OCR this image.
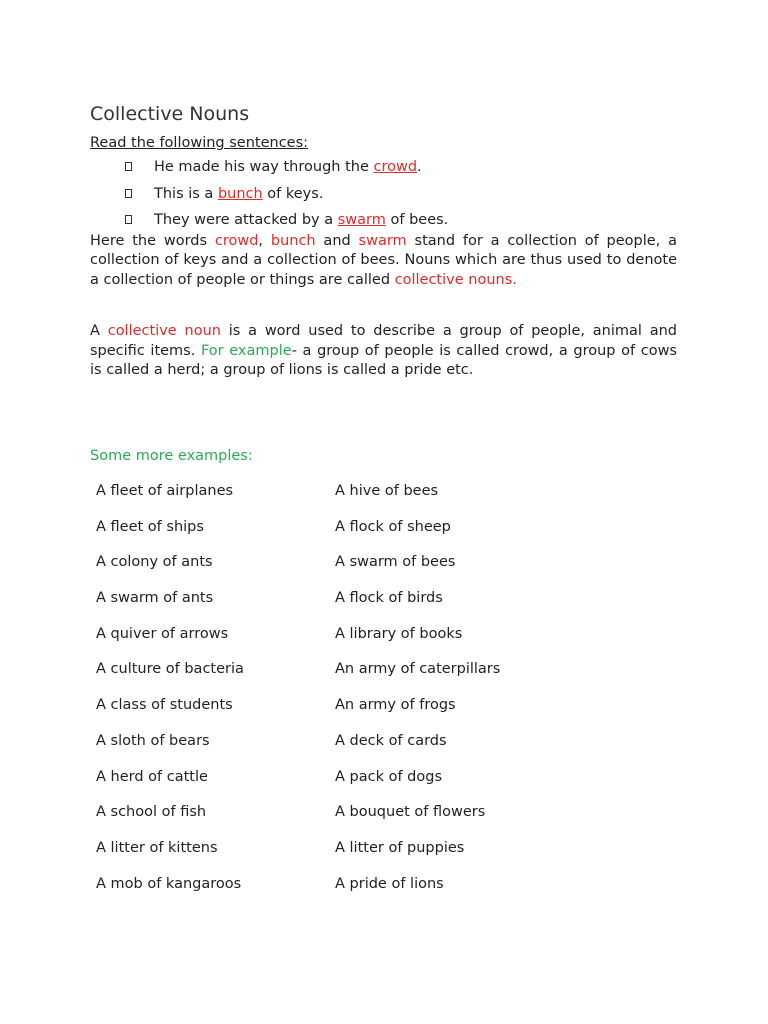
Collective Nouns

Read the following sentences:

He made his way through the crowd.
This is a bunch of keys.
They were attacked by a swarm of bees.

Here the words crowd, bunch and swarm stand for a collection of people, a collection of keys and a collection of bees. Nouns which are thus used to denote a collection of people or things are called collective nouns.

A collective noun is a word used to describe a group of people, animal and specific items. For example- a group of people is called crowd, a group of cows is called a herd; a group of lions is called a pride etc.

Some more examples:

A fleet of airplanes	A hive of bees
A fleet of ships	A flock of sheep
A colony of ants	A swarm of bees
A swarm of ants	A flock of birds
A quiver of arrows	A library of books
A culture of bacteria	An army of caterpillars
A class of students	An army of frogs
A sloth of bears	A deck of cards
A herd of cattle	A pack of dogs
A school of fish	A bouquet of flowers
A litter of kittens	A litter of puppies
A mob of kangaroos	A pride of lions
